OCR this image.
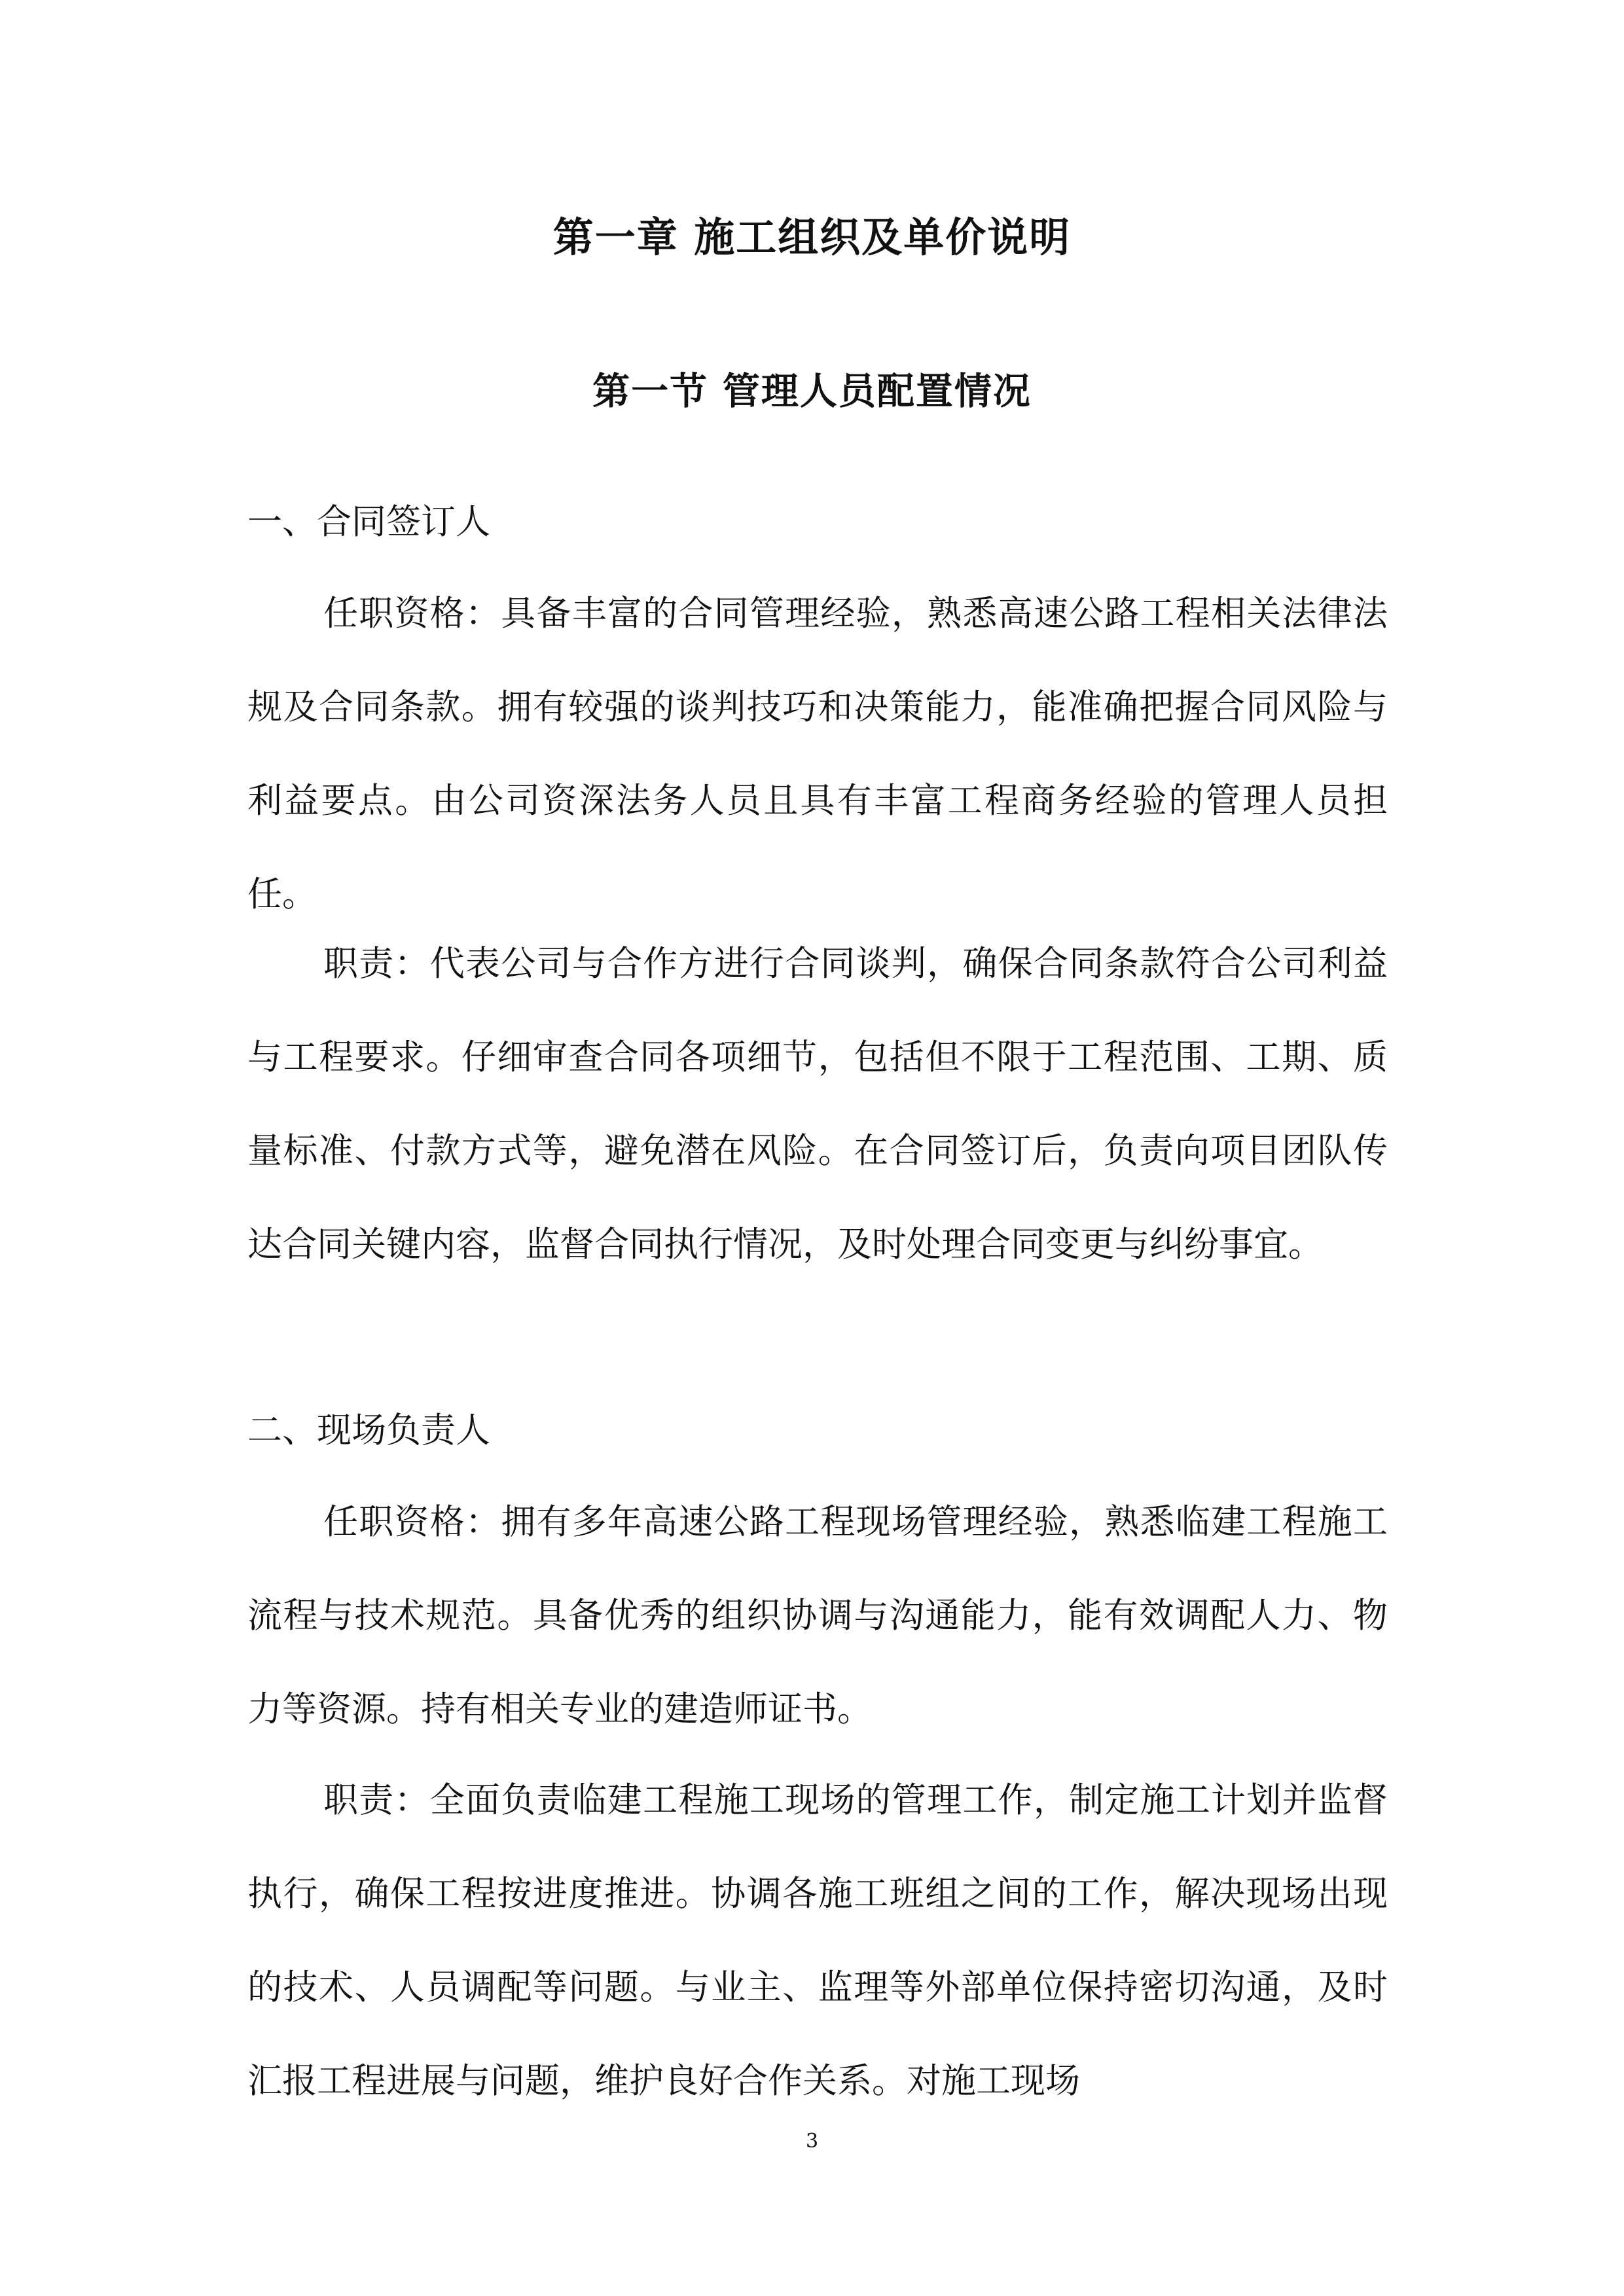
第一章 施工组织及单价说明
第一节 管理人员配置情况
一、合同签订人

任职资格：具备丰富的合同管理经验，熟悉高速公路工程相关法律法规及合同条款。拥有较强的谈判技巧和决策能力，能准确把握合同风险与利益要点。由公司资深法务人员且具有丰富工程商务经验的管理人员担任。

职责：代表公司与合作方进行合同谈判，确保合同条款符合公司利益与工程要求。仔细审查合同各项细节，包括但不限于工程范围、工期、质量标准、付款方式等，避免潜在风险。在合同签订后，负责向项目团队传达合同关键内容，监督合同执行情况，及时处理合同变更与纠纷事宜。

二、现场负责人

任职资格：拥有多年高速公路工程现场管理经验，熟悉临建工程施工流程与技术规范。具备优秀的组织协调与沟通能力，能有效调配人力、物力等资源。持有相关专业的建造师证书。

职责：全面负责临建工程施工现场的管理工作，制定施工计划并监督执行，确保工程按进度推进。协调各施工班组之间的工作，解决现场出现的技术、人员调配等问题。与业主、监理等外部单位保持密切沟通，及时汇报工程进展与问题，维护良好合作关系。对施工现场

3
